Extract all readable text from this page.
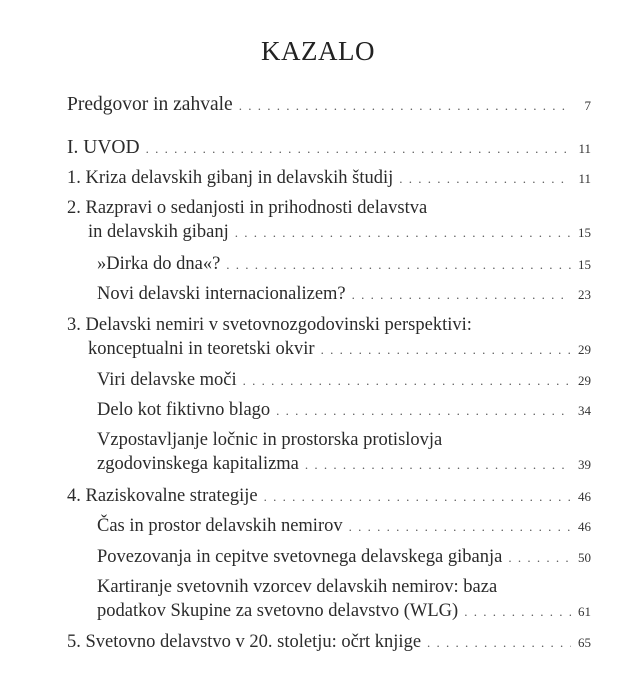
KAZALO
Predgovor in zahvale . . .	7
I. UVOD . . .	11
1. Kriza delavskih gibanj in delavskih študij . . .	11
2. Razpravi o sedanjosti in prihodnosti delavstva
in delavskih gibanj . . .	15
»Dirka do dna«? . . .	15
Novi delavski internacionalizem? . . .	23
3. Delavski nemiri v svetovnozgodovinski perspektivi:
konceptualni in teoretski okvir . . .	29
Viri delavske moči . . .	29
Delo kot fiktivno blago . . .	34
Vzpostavljanje ločnic in prostorska protislovja
zgodovinskega kapitalizma . . .	39
4. Raziskovalne strategije . . .	46
Čas in prostor delavskih nemirov . . .	46
Povezovanja in cepitve svetovnega delavskega gibanja . . .	50
Kartiranje svetovnih vzorcev delavskih nemirov: baza
podatkov Skupine za svetovno delavstvo (WLG) . . .	61
5. Svetovno delavstvo v 20. stoletju: očrt knjige . . .	65
